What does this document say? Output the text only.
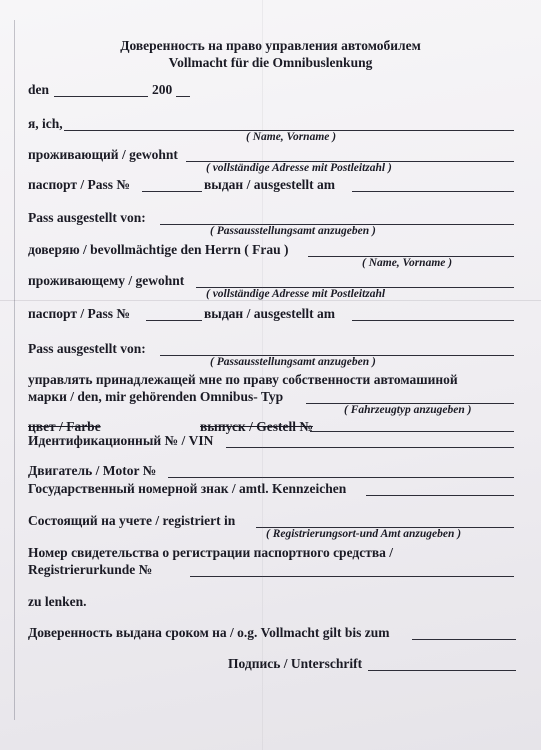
Доверенность на право управления автомобилем
Vollmacht für die Omnibuslenkung
den	200
я, ich,
( Name, Vorname )
проживающий / gewohnt
( vollständige Adresse mit Postleitzahl )
паспорт / Pass №	выдан / ausgestellt am
Pass ausgestellt von:
( Passausstellungsamt anzugeben )
доверяю / bevollmächtige den Herrn ( Frau )
( Name, Vorname )
проживающему / gewohnt
( vollständige Adresse mit Postleitzahl
паспорт / Pass №	выдан / ausgestellt am
Pass ausgestellt von:
( Passausstellungsamt anzugeben )
управлять принадлежащей мне по праву собственности автомашиной
марки / den, mir gehörenden Omnibus- Typ
( Fahrzeugtyp anzugeben )
цвет / Farbe	выпуск / Gestell №
Идентификационный № / VIN
Двигатель / Motor №
Государственный номерной знак / amtl. Kennzeichen
Состоящий на учете / registriert in
( Registrierungsort-und Amt anzugeben )
Номер свидетельства о регистрации паспортного средства /
Registrierurkunde №
zu lenken.
Доверенность выдана сроком на / o.g. Vollmacht gilt bis zum
Подпись / Unterschrift
